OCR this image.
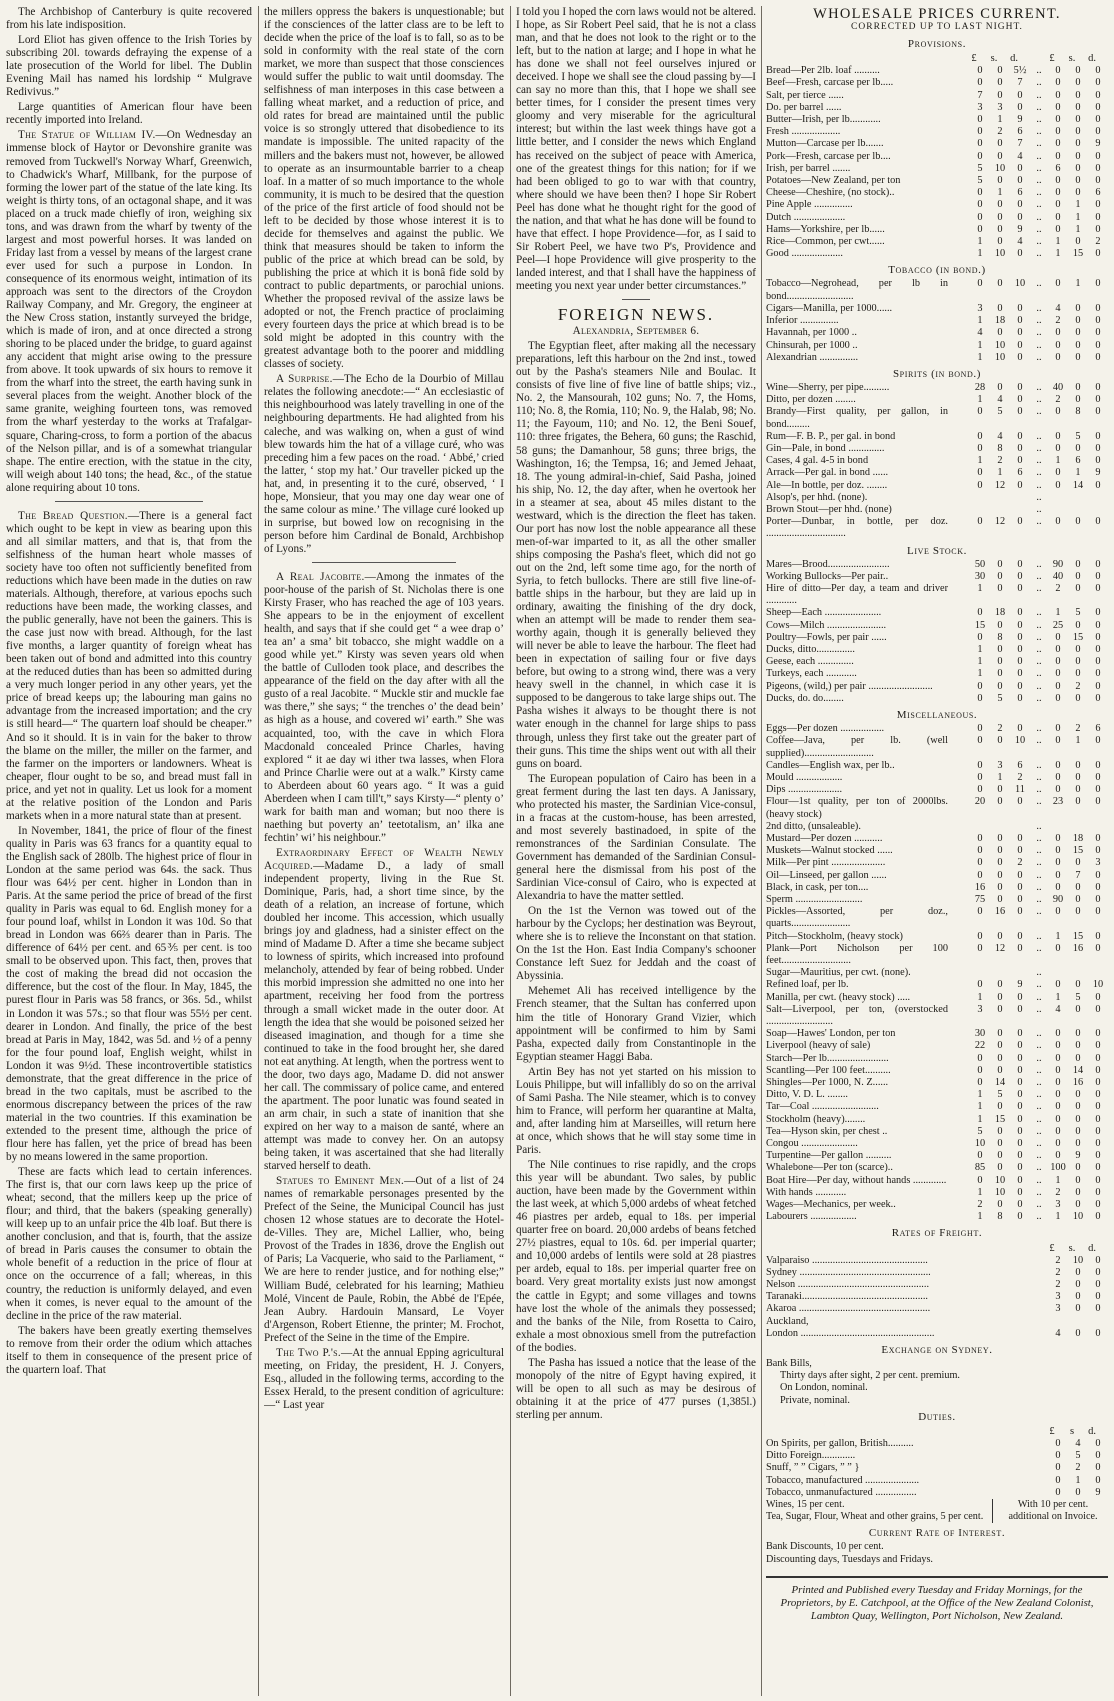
The Archbishop of Canterbury is quite recovered from his late indisposition.

Lord Eliot has given offence to the Irish Tories by subscribing 20l. towards defraying the expense of a late prosecution of the World for libel. The Dublin Evening Mail has named his lordship “ Mulgrave Redivivus.”

Large quantities of American flour have been recently imported into Ireland.

The Statue of William IV.—On Wednesday an immense block of Haytor or Devonshire granite was removed from Tuckwell's Norway Wharf, Greenwich, to Chadwick's Wharf, Millbank, for the purpose of forming the lower part of the statue of the late king. Its weight is thirty tons, of an octagonal shape, and it was placed on a truck made chiefly of iron, weighing six tons, and was drawn from the wharf by twenty of the largest and most powerful horses. It was landed on Friday last from a vessel by means of the largest crane ever used for such a purpose in London. In consequence of its enormous weight, intimation of its approach was sent to the directors of the Croydon Railway Company, and Mr. Gregory, the engineer at the New Cross station, instantly surveyed the bridge, which is made of iron, and at once directed a strong shoring to be placed under the bridge, to guard against any accident that might arise owing to the pressure from above. It took upwards of six hours to remove it from the wharf into the street, the earth having sunk in several places from the weight. Another block of the same granite, weighing fourteen tons, was removed from the wharf yesterday to the works at Trafalgar-square, Charing-cross, to form a portion of the abacus of the Nelson pillar, and is of a somewhat triangular shape. The entire erection, with the statue in the city, will weigh about 140 tons; the head, &c., of the statue alone requiring about 10 tons.

The Bread Question.—There is a general fact which ought to be kept in view as bearing upon this and all similar matters, and that is, that from the selfishness of the human heart whole masses of society have too often not sufficiently benefited from reductions which have been made in the duties on raw materials. Although, therefore, at various epochs such reductions have been made, the working classes, and the public generally, have not been the gainers. This is the case just now with bread. Although, for the last five months, a larger quantity of foreign wheat has been taken out of bond and admitted into this country at the reduced duties than has been so admitted during a very much longer period in any other years, yet the price of bread keeps up; the labouring man gains no advantage from the increased importation; and the cry is still heard—“ The quartern loaf should be cheaper.” And so it should. It is in vain for the baker to throw the blame on the miller, the miller on the farmer, and the farmer on the importers or landowners. Wheat is cheaper, flour ought to be so, and bread must fall in price, and yet not in quality. Let us look for a moment at the relative position of the London and Paris markets when in a more natural state than at present.

In November, 1841, the price of flour of the finest quality in Paris was 63 francs for a quantity equal to the English sack of 280lb. The highest price of flour in London at the same period was 64s. the sack. Thus flour was 64½ per cent. higher in London than in Paris. At the same period the price of bread of the first quality in Paris was equal to 6d. English money for a four pound loaf, whilst in London it was 10d. So that bread in London was 66⅔ dearer than in Paris. The difference of 64½ per cent. and 65⅗ per cent. is too small to be observed upon. This fact, then, proves that the cost of making the bread did not occasion the difference, but the cost of the flour. In May, 1845, the purest flour in Paris was 58 francs, or 36s. 5d., whilst in London it was 57s.; so that flour was 55½ per cent. dearer in London. And finally, the price of the best bread at Paris in May, 1842, was 5d. and ½ of a penny for the four pound loaf, English weight, whilst in London it was 9½d. These incontrovertible statistics demonstrate, that the great difference in the price of bread in the two capitals, must be ascribed to the enormous discrepancy between the prices of the raw material in the two countries. If this examination be extended to the present time, although the price of flour here has fallen, yet the price of bread has been by no means lowered in the same proportion.

These are facts which lead to certain inferences. The first is, that our corn laws keep up the price of wheat; second, that the millers keep up the price of flour; and third, that the bakers (speaking generally) will keep up to an unfair price the 4lb loaf. But there is another conclusion, and that is, fourth, that the assize of bread in Paris causes the consumer to obtain the whole benefit of a reduction in the price of flour at once on the occurrence of a fall; whereas, in this country, the reduction is uniformly delayed, and even when it comes, is never equal to the amount of the decline in the price of the raw material.

The bakers have been greatly exerting themselves to remove from their order the odium which attaches itself to them in consequence of the present price of the quartern loaf. That

the millers oppress the bakers is unquestionable; but if the consciences of the latter class are to be left to decide when the price of the loaf is to fall, so as to be sold in conformity with the real state of the corn market, we more than suspect that those consciences would suffer the public to wait until doomsday. The selfishness of man interposes in this case between a falling wheat market, and a reduction of price, and old rates for bread are maintained until the public voice is so strongly uttered that disobedience to its mandate is impossible. The united rapacity of the millers and the bakers must not, however, be allowed to operate as an insurmountable barrier to a cheap loaf. In a matter of so much importance to the whole community, it is much to be desired that the question of the price of the first article of food should not be left to be decided by those whose interest it is to decide for themselves and against the public. We think that measures should be taken to inform the public of the price at which bread can be sold, by publishing the price at which it is bonâ fide sold by contract to public departments, or parochial unions. Whether the proposed revival of the assize laws be adopted or not, the French practice of proclaiming every fourteen days the price at which bread is to be sold might be adopted in this country with the greatest advantage both to the poorer and middling classes of society.

A Surprise.—The Echo de la Dourbio of Millau relates the following anecdote:—“ An ecclesiastic of this neighbourhood was lately travelling in one of the neighbouring departments. He had alighted from his caleche, and was walking on, when a gust of wind blew towards him the hat of a village curé, who was preceding him a few paces on the road. ‘ Abbé,’ cried the latter, ‘ stop my hat.’ Our traveller picked up the hat, and, in presenting it to the curé, observed, ‘ I hope, Monsieur, that you may one day wear one of the same colour as mine.’ The village curé looked up in surprise, but bowed low on recognising in the person before him Cardinal de Bonald, Archbishop of Lyons.”

A Real Jacobite.—Among the inmates of the poor-house of the parish of St. Nicholas there is one Kirsty Fraser, who has reached the age of 103 years. She appears to be in the enjoyment of excellent health, and says that if she could get “ a wee drap o’ tea an’ a sma’ bit tobacco, she might waddle on a good while yet.” Kirsty was seven years old when the battle of Culloden took place, and describes the appearance of the field on the day after with all the gusto of a real Jacobite. “ Muckle stir and muckle fae was there,” she says; “ the trenches o’ the dead bein’ as high as a house, and covered wi’ earth.” She was acquainted, too, with the cave in which Flora Macdonald concealed Prince Charles, having explored “ it ae day wi ither twa lasses, when Flora and Prince Charlie were out at a walk.” Kirsty came to Aberdeen about 60 years ago. “ It was a guid Aberdeen when I cam till't,” says Kirsty—“ plenty o’ wark for baith man and woman; but noo there is naething but poverty an’ teetotalism, an’ ilka ane fechtin’ wi’ his neighbour.”

Extraordinary Effect of Wealth Newly Acquired.—Madame D., a lady of small independent property, living in the Rue St. Dominique, Paris, had, a short time since, by the death of a relation, an increase of fortune, which doubled her income. This accession, which usually brings joy and gladness, had a sinister effect on the mind of Madame D. After a time she became subject to lowness of spirits, which increased into profound melancholy, attended by fear of being robbed. Under this morbid impression she admitted no one into her apartment, receiving her food from the portress through a small wicket made in the outer door. At length the idea that she would be poisoned seized her diseased imagination, and though for a time she continued to take in the food brought her, she dared not eat anything. At length, when the portress went to the door, two days ago, Madame D. did not answer her call. The commissary of police came, and entered the apartment. The poor lunatic was found seated in an arm chair, in such a state of inanition that she expired on her way to a maison de santé, where an attempt was made to convey her. On an autopsy being taken, it was ascertained that she had literally starved herself to death.

Statues to Eminent Men.—Out of a list of 24 names of remarkable personages presented by the Prefect of the Seine, the Municipal Council has just chosen 12 whose statues are to decorate the Hotel-de-Villes. They are, Michel Lallier, who, being Provost of the Trades in 1836, drove the English out of Paris; La Vacquerie, who said to the Parliament, “ We are here to render justice, and for nothing else;” William Budé, celebrated for his learning; Mathieu Molé, Vincent de Paule, Robin, the Abbé de l'Epée, Jean Aubry. Hardouin Mansard, Le Voyer d'Argenson, Robert Etienne, the printer; M. Frochot, Prefect of the Seine in the time of the Empire.

The Two P.'s.—At the annual Epping agricultural meeting, on Friday, the president, H. J. Conyers, Esq., alluded in the following terms, according to the Essex Herald, to the present condition of agriculture:—“ Last year

I told you I hoped the corn laws would not be altered. I hope, as Sir Robert Peel said, that he is not a class man, and that he does not look to the right or to the left, but to the nation at large; and I hope in what he has done we shall not feel ourselves injured or deceived. I hope we shall see the cloud passing by—I can say no more than this, that I hope we shall see better times, for I consider the present times very gloomy and very miserable for the agricultural interest; but within the last week things have got a little better, and I consider the news which England has received on the subject of peace with America, one of the greatest things for this nation; for if we had been obliged to go to war with that country, where should we have been then? I hope Sir Robert Peel has done what he thought right for the good of the nation, and that what he has done will be found to have that effect. I hope Providence—for, as I said to Sir Robert Peel, we have two P's, Providence and Peel—I hope Providence will give prosperity to the landed interest, and that I shall have the happiness of meeting you next year under better circumstances.”

FOREIGN NEWS.

Alexandria, September 6.

The Egyptian fleet, after making all the necessary preparations, left this harbour on the 2nd inst., towed out by the Pasha's steamers Nile and Boulac. It consists of five line of five line of battle ships; viz., No. 2, the Mansourah, 102 guns; No. 7, the Homs, 110; No. 8, the Romia, 110; No. 9, the Halab, 98; No. 11; the Fayoum, 110; and No. 12, the Beni Souef, 110: three frigates, the Behera, 60 guns; the Raschid, 58 guns; the Damanhour, 58 guns; three brigs, the Washington, 16; the Tempsa, 16; and Jemed Jehaat, 18. The young admiral-in-chief, Said Pasha, joined his ship, No. 12, the day after, when he overtook her in a steamer at sea, about 45 miles distant to the westward, which is the direction the fleet has taken. Our port has now lost the noble appearance all these men-of-war imparted to it, as all the other smaller ships composing the Pasha's fleet, which did not go out on the 2nd, left some time ago, for the north of Syria, to fetch bullocks. There are still five line-of-battle ships in the harbour, but they are laid up in ordinary, awaiting the finishing of the dry dock, when an attempt will be made to render them sea-worthy again, though it is generally believed they will never be able to leave the harbour. The fleet had been in expectation of sailing four or five days before, but owing to a strong wind, there was a very heavy swell in the channel, in which case it is supposed to be dangerous to take large ships out. The Pasha wishes it always to be thought there is not water enough in the channel for large ships to pass through, unless they first take out the greater part of their guns. This time the ships went out with all their guns on board.

The European population of Cairo has been in a great ferment during the last ten days. A Janissary, who protected his master, the Sardinian Vice-consul, in a fracas at the custom-house, has been arrested, and most severely bastinadoed, in spite of the remonstrances of the Sardinian Consulate. The Government has demanded of the Sardinian Consul-general here the dismissal from his post of the Sardinian Vice-consul of Cairo, who is expected at Alexandria to have the matter settled.

On the 1st the Vernon was towed out of the harbour by the Cyclops; her destination was Beyrout, where she is to relieve the Inconstant on that station. On the 1st the Hon. East India Company's schooner Constance left Suez for Jeddah and the coast of Abyssinia.

Mehemet Ali has received intelligence by the French steamer, that the Sultan has conferred upon him the title of Honorary Grand Vizier, which appointment will be confirmed to him by Sami Pasha, expected daily from Constantinople in the Egyptian steamer Haggi Baba.

Artin Bey has not yet started on his mission to Louis Philippe, but will infallibly do so on the arrival of Sami Pasha. The Nile steamer, which is to convey him to France, will perform her quarantine at Malta, and, after landing him at Marseilles, will return here at once, which shows that he will stay some time in Paris.

The Nile continues to rise rapidly, and the crops this year will be abundant. Two sales, by public auction, have been made by the Government within the last week, at which 5,000 ardebs of wheat fetched 46 piastres per ardeb, equal to 18s. per imperial quarter free on board. 20,000 ardebs of beans fetched 27½ piastres, equal to 10s. 6d. per imperial quarter; and 10,000 ardebs of lentils were sold at 28 piastres per ardeb, equal to 18s. per imperial quarter free on board. Very great mortality exists just now amongst the cattle in Egypt; and some villages and towns have lost the whole of the animals they possessed; and the banks of the Nile, from Rosetta to Cairo, exhale a most obnoxious smell from the putrefaction of the bodies.

The Pasha has issued a notice that the lease of the monopoly of the nitre of Egypt having expired, it will be open to all such as may be desirous of obtaining it at the price of 477 purses (1,385l.) sterling per annum.

WHOLESALE PRICES CURRENT.
CORRECTED UP TO LAST NIGHT.
Provisions.
£	s.	d.	£	s.	d.
Bread—Per 2lb. loaf ..........	0	0	5½ ..	0	0	0
Beef—Fresh, carcase per lb.....	0	0	7	..	0	0	0
Salt, per tierce ......	7	0	0	..	0	0	0
Do. per barrel ......	3	3	0	..	0	0	0
Butter—Irish, per lb............	0	1	9	..	0	0	0
Fresh ...................	0	2	6	..	0	0	0
Mutton—Carcase per lb.......	0	0	7	..	0	0	9
Pork—Fresh, carcase per lb....	0	0	4	..	0	0	0
Irish, per barrel .......	5	10	0	..	6	0	0
Potatoes—New Zealand, per ton	5	0	0	..	0	0	0
Cheese—Cheshire, (no stock)..	0	1	6	..	0	0	6
Pine Apple ...............	0	0	0	..	0	1	0
Dutch ....................	0	0	0	..	0	1	0
Hams—Yorkshire, per lb......	0	0	9	..	0	1	0
Rice—Common, per cwt......	1	0	4	..	1	0	2
Good ....................	1	10	0	..	1	15	0
Tobacco (in bond.)
Tobacco—Negrohead, per lb in bond..........................
0	0	10	..	0	1	0
Cigars—Manilla, per 1000......	3	0	0	..	4	0	0
Inferior ...............	1	18	0	..	2	0	0
Havannah, per 1000 ..	4	0	0	..	0	0	0
Chinsurah, per 1000 ..	1	10	0	..	0	0	0
Alexandrian ...............	1	10	0	..	0	0	0
Spirits (in bond.)
Wine—Sherry, per pipe..........	28	0	0	..	40	0	0
Ditto, per dozen ........	1	4	0	..	2	0	0
Brandy—First quality, per gallon, in bond.........
0	5	0	..	0	8	0
Rum—F. B. P., per gal. in bond	0	4	0	..	0	5	0
Gin—Pale, in bond ..............	0	8	0	..	0	0	0
Cases, 4 gal. 4-5 in bond	1	2	0	..	1	6	0
Arrack—Per gal. in bond ......	0	1	6	..	0	1	9
Ale—In bottle, per doz. ........	0	12	0	..	0	14	0
Alsop's, per hhd. (none).	..
Brown Stout—per hhd. (none)	..
Porter—Dunbar, in bottle, per doz. ...............................
0	12	0	..	0	0	0
Live Stock.
Mares—Brood........................	50	0	0	..	90	0	0
Working Bullocks—Per pair..	30	0	0	..	40	0	0
Hire of ditto—Per day, a team and driver ............
1	0	0	..	2	0	0
Sheep—Each ......................	0	18	0	..	1	5	0
Cows—Milch .......................	15	0	0	..	25	0	0
Poultry—Fowls, per pair ......	0	8	0	..	0	15	0
Ducks, ditto...............	1	0	0	..	0	0	0
Geese, each ..............	1	0	0	..	0	0	0
Turkeys, each ............	1	0	0	..	0	0	0
Pigeons, (wild,) per pair .........................	0	0	0	..	0	2	0
Ducks, do. do........	0	5	0	..	0	0	0
Miscellaneous.
Eggs—Per dozen .................	0	2	0	..	0	2	6
Coffee—Java, per lb. (well supplied)...........................
0	0	10	..	0	1	0
Candles—English wax, per lb..	0	3	6	..	0	0	0
Mould ..................	0	1	2	..	0	0	0
Dips .....................	0	0	11	..	0	0	0
Flour—1st quality, per ton of 2000lbs. (heavy stock)
20	0	0	..	23	0	0
2nd ditto, (unsaleable).	..
Mustard—Per dozen ...........	0	0	0	..	0	18	0
Muskets—Walnut stocked ......	0	0	0	..	0	15	0
Milk—Per pint .....................	0	0	2	..	0	0	3
Oil—Linseed, per gallon ......	0	0	0	..	0	7	0
Black, in cask, per ton....	16	0	0	..	0	0	0
Sperm ..........................	75	0	0	..	90	0	0
Pickles—Assorted, per doz., quarts.......................
0	16	0	..	0	0	0
Pitch—Stockholm, (heavy stock)	0	0	0	..	1	15	0
Plank—Port Nicholson per 100 feet...........................
0	12	0	..	0	16	0
Sugar—Mauritius, per cwt. (none).	..
Refined loaf, per lb.	0	0	9	..	0	0	10
Manilla, per cwt. (heavy stock) .....	1	0	0	..	1	5	0
Salt—Liverpool, per ton, (overstocked ..........................
3	0	0	..	4	0	0
Soap—Hawes' London, per ton	30	0	0	..	0	0	0
Liverpool (heavy of sale)	22	0	0	..	0	0	0
Starch—Per lb........................	0	0	0	..	0	0	0
Scantling—Per 100 feet..........	0	0	0	..	0	14	0
Shingles—Per 1000, N. Z......	0	14	0	..	0	16	0
Ditto, V. D. L. ........	1	5	0	..	0	0	0
Tar—Coal ..........................	1	0	0	..	0	0	0
Stockholm (heavy)........	1	15	0	..	0	0	0
Tea—Hyson skin, per chest ..	5	0	0	..	0	0	0
Congou ......................	10	0	0	..	0	0	0
Turpentine—Per gallon ..........	0	0	0	..	0	9	0
Whalebone—Per ton (scarce)..	85	0	0	.. 100 0	0
Boat Hire—Per day, without hands .............	0	10	0	..	1	0	0
With hands ............	1	10	0	..	2	0	0
Wages—Mechanics, per week..	2	0	0	..	3	0	0
Labourers ..................	1	8	0	..	1	10	0
Rates of Freight.
£	s.	d.
Valparaiso .............................................	2	10	0
Sydney ...................................................	2	0	0
Nelson ...................................................	2	0	0
Taranaki.................................................	3	0	0
Akaroa ...................................................	3	0	0
Auckland,
London ....................................................	4	0	0
Exchange on Sydney.
Bank Bills,
Thirty days after sight, 2 per cent. premium.
On London, nominal.
Private, nominal.
Duties.
£	s	d.
On Spirits, per gallon, British..........	0	4	0
Ditto Foreign.............	0	5	0
Snuff, ” ” Cigars, ” ” }	0	2	0
Tobacco, manufactured .....................	0	1	0
Tobacco, unmanufactured ................	0	0	9
Wines, 15 per cent.
Tea, Sugar, Flour, Wheat and other grains, 5 per cent.
With 10 per cent. additional on Invoice.
Current Rate of Interest.
Bank Discounts, 10 per cent.
Discounting days, Tuesdays and Fridays.
Printed and Published every Tuesday and Friday Mornings, for the Proprietors, by E. Catchpool, at the Office of the New Zealand Colonist, Lambton Quay, Wellington, Port Nicholson, New Zealand.
